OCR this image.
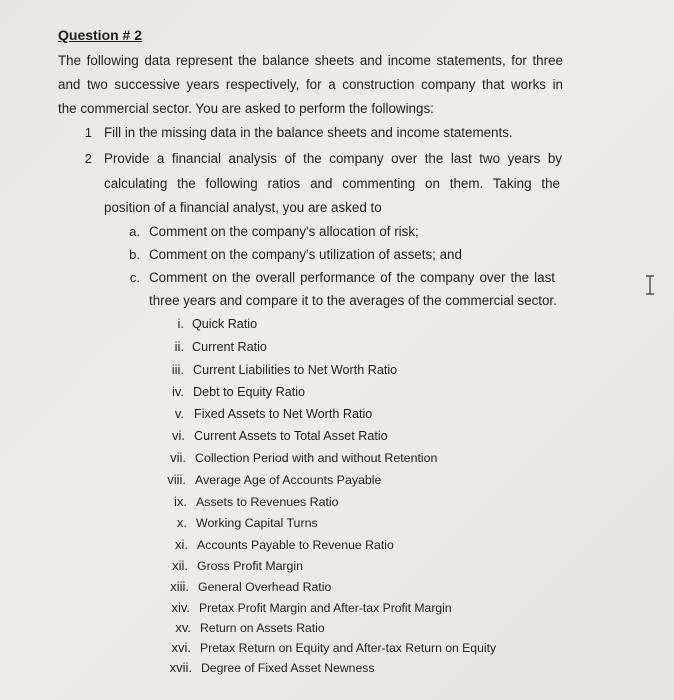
Question # 2
The following data represent the balance sheets and income statements, for three
and two successive years respectively, for a construction company that works in
the commercial sector. You are asked to perform the followings:
1 Fill in the missing data in the balance sheets and income statements.
2 Provide a financial analysis of the company over the last two years by
calculating the following ratios and commenting on them. Taking the
position of a financial analyst, you are asked to
a. Comment on the company's allocation of risk;
b. Comment on the company's utilization of assets; and
c. Comment on the overall performance of the company over the last
three years and compare it to the averages of the commercial sector.
i. Quick Ratio
ii. Current Ratio
iii. Current Liabilities to Net Worth Ratio
iv. Debt to Equity Ratio
v. Fixed Assets to Net Worth Ratio
vi. Current Assets to Total Asset Ratio
vii. Collection Period with and without Retention
viii. Average Age of Accounts Payable
ix. Assets to Revenues Ratio
x. Working Capital Turns
xi. Accounts Payable to Revenue Ratio
xii. Gross Profit Margin
xiii. General Overhead Ratio
xiv. Pretax Profit Margin and After-tax Profit Margin
xv. Return on Assets Ratio
xvi. Pretax Return on Equity and After-tax Return on Equity
xvii. Degree of Fixed Asset Newness
